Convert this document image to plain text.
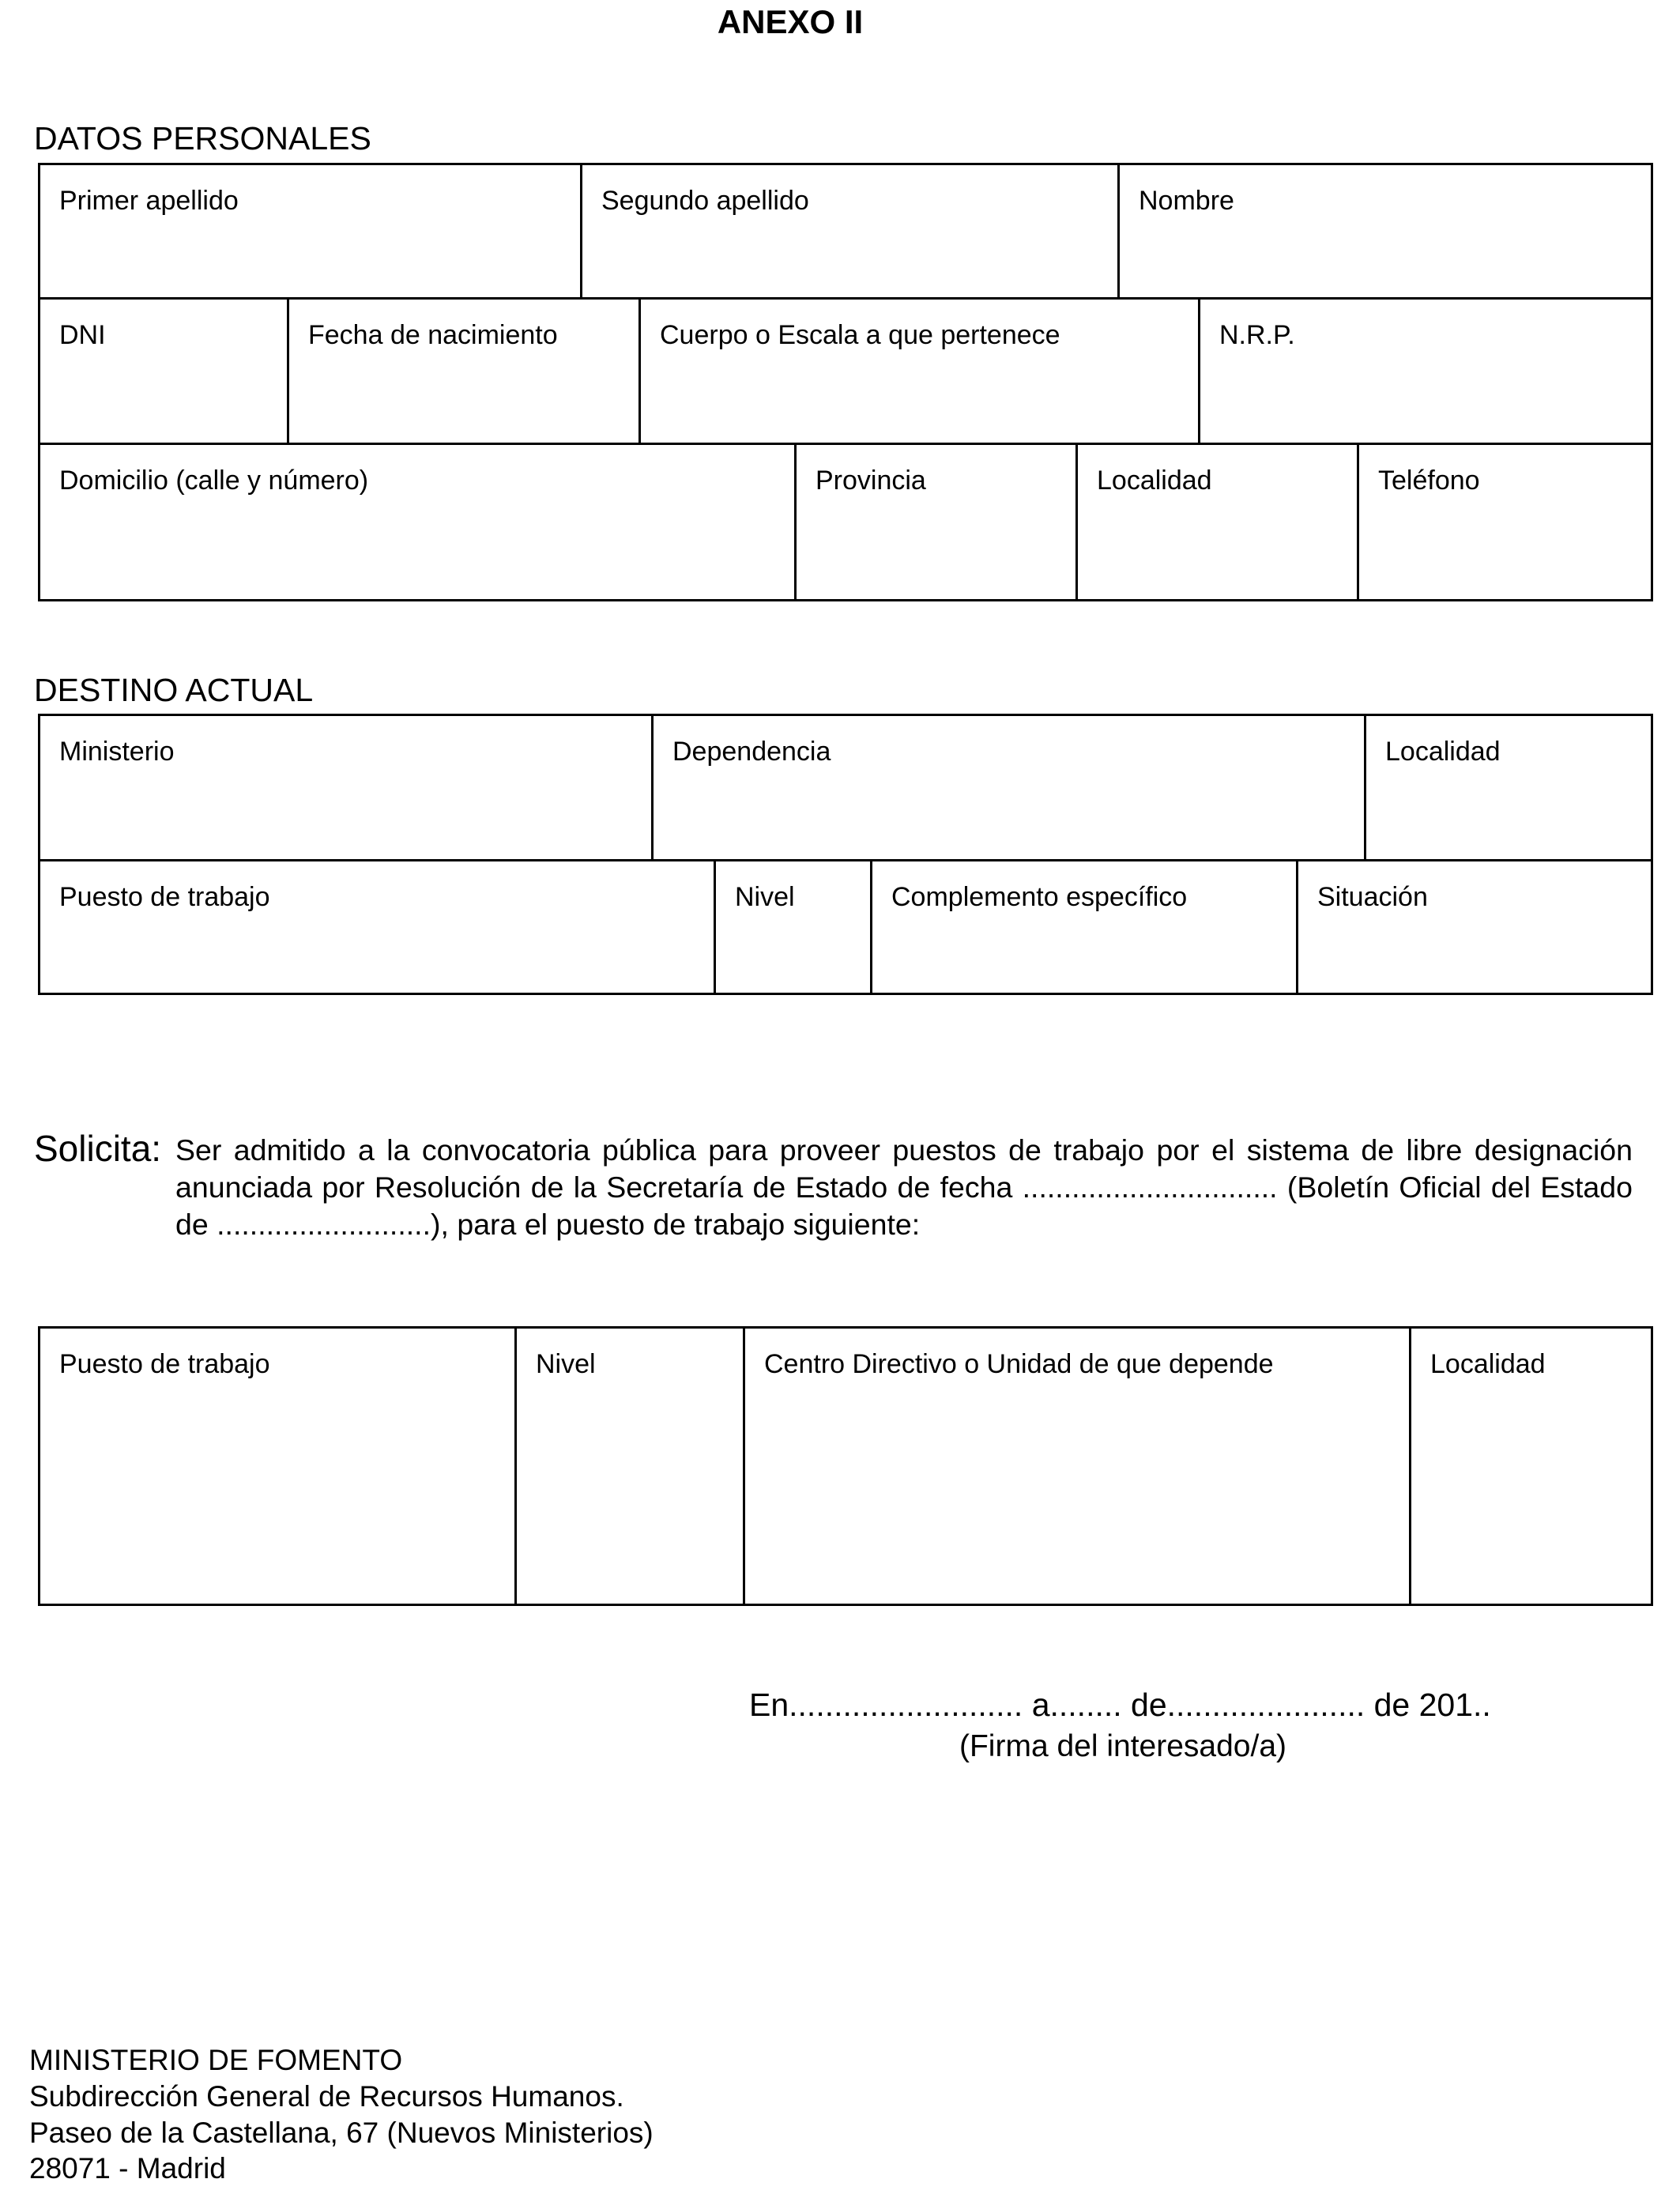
ANEXO II
DATOS PERSONALES
Primer apellido	Segundo apellido	Nombre
DNI	Fecha de nacimiento	Cuerpo o Escala a que pertenece	N.R.P.
Domicilio (calle y número)	Provincia	Localidad	Teléfono
DESTINO ACTUAL
Ministerio	Dependencia	Localidad
Puesto de trabajo	Nivel	Complemento específico	Situación
Solicita: Ser admitido a la convocatoria pública para proveer puestos de trabajo por el sistema de libre designación anunciada por Resolución de la Secretaría de Estado de fecha ............................... (Boletín Oficial del Estado de ..........................), para el puesto de trabajo siguiente:
Puesto de trabajo	Nivel	Centro Directivo o Unidad de que depende	Localidad
En.......................... a........ de...................... de 201..
(Firma del interesado/a)
MINISTERIO DE FOMENTO
Subdirección General de Recursos Humanos.
Paseo de la Castellana, 67 (Nuevos Ministerios)
28071 - Madrid
